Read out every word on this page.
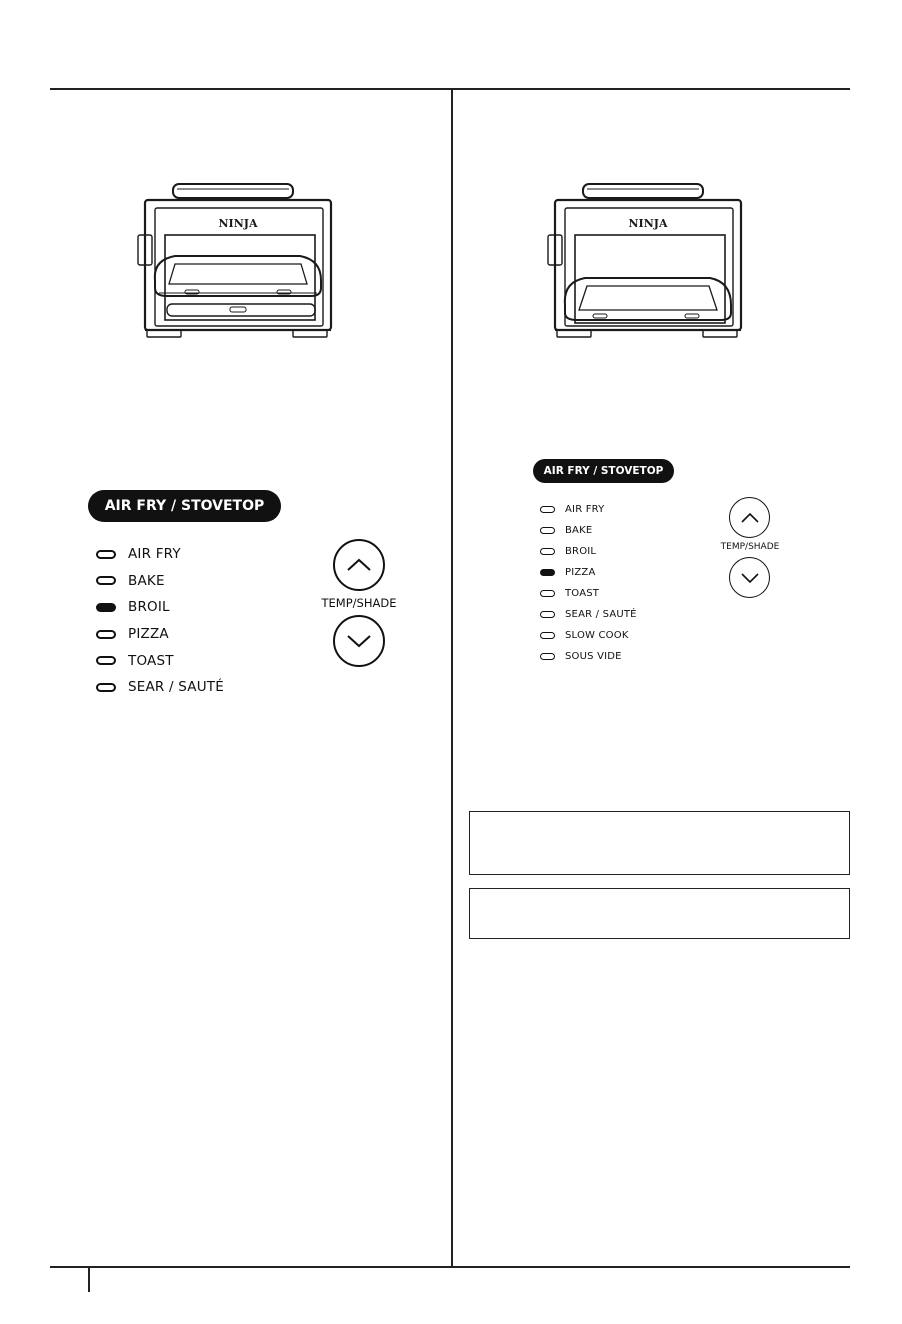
NINJA	NINJA
AIR FRY / STOVETOP
AIR FRY
BAKE
BROIL
PIZZA
TOAST
SEAR / SAUTÉ
TEMP/SHADE
AIR FRY / STOVETOP
AIR FRY
BAKE
BROIL
PIZZA
TOAST
SEAR / SAUTÉ
SLOW COOK
SOUS VIDE
TEMP/SHADE
